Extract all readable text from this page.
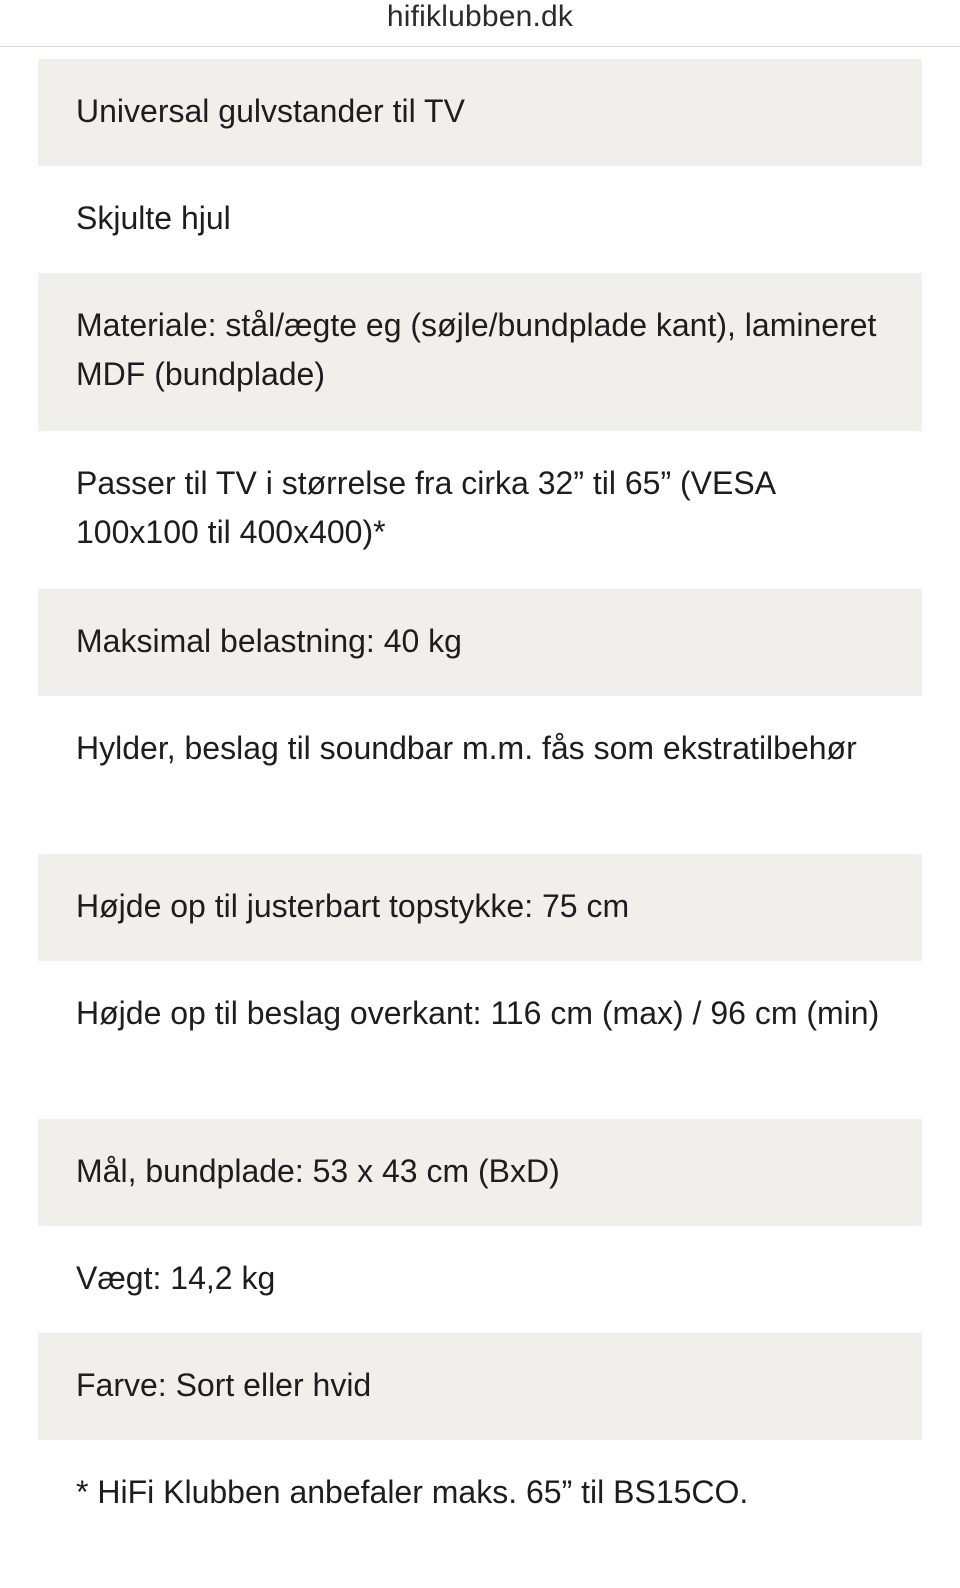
hifiklubben.dk
Universal gulvstander til TV
Skjulte hjul
Materiale: stål/ægte eg (søjle/bundplade kant), lamineret MDF (bundplade)
Passer til TV i størrelse fra cirka 32” til 65” (VESA 100x100 til 400x400)*
Maksimal belastning: 40 kg
Hylder, beslag til soundbar m.m. fås som ekstratilbehør
Højde op til justerbart topstykke: 75 cm
Højde op til beslag overkant: 116 cm (max) / 96 cm (min)
Mål, bundplade: 53 x 43 cm (BxD)
Vægt: 14,2 kg
Farve: Sort eller hvid
* HiFi Klubben anbefaler maks. 65” til BS15CO.
